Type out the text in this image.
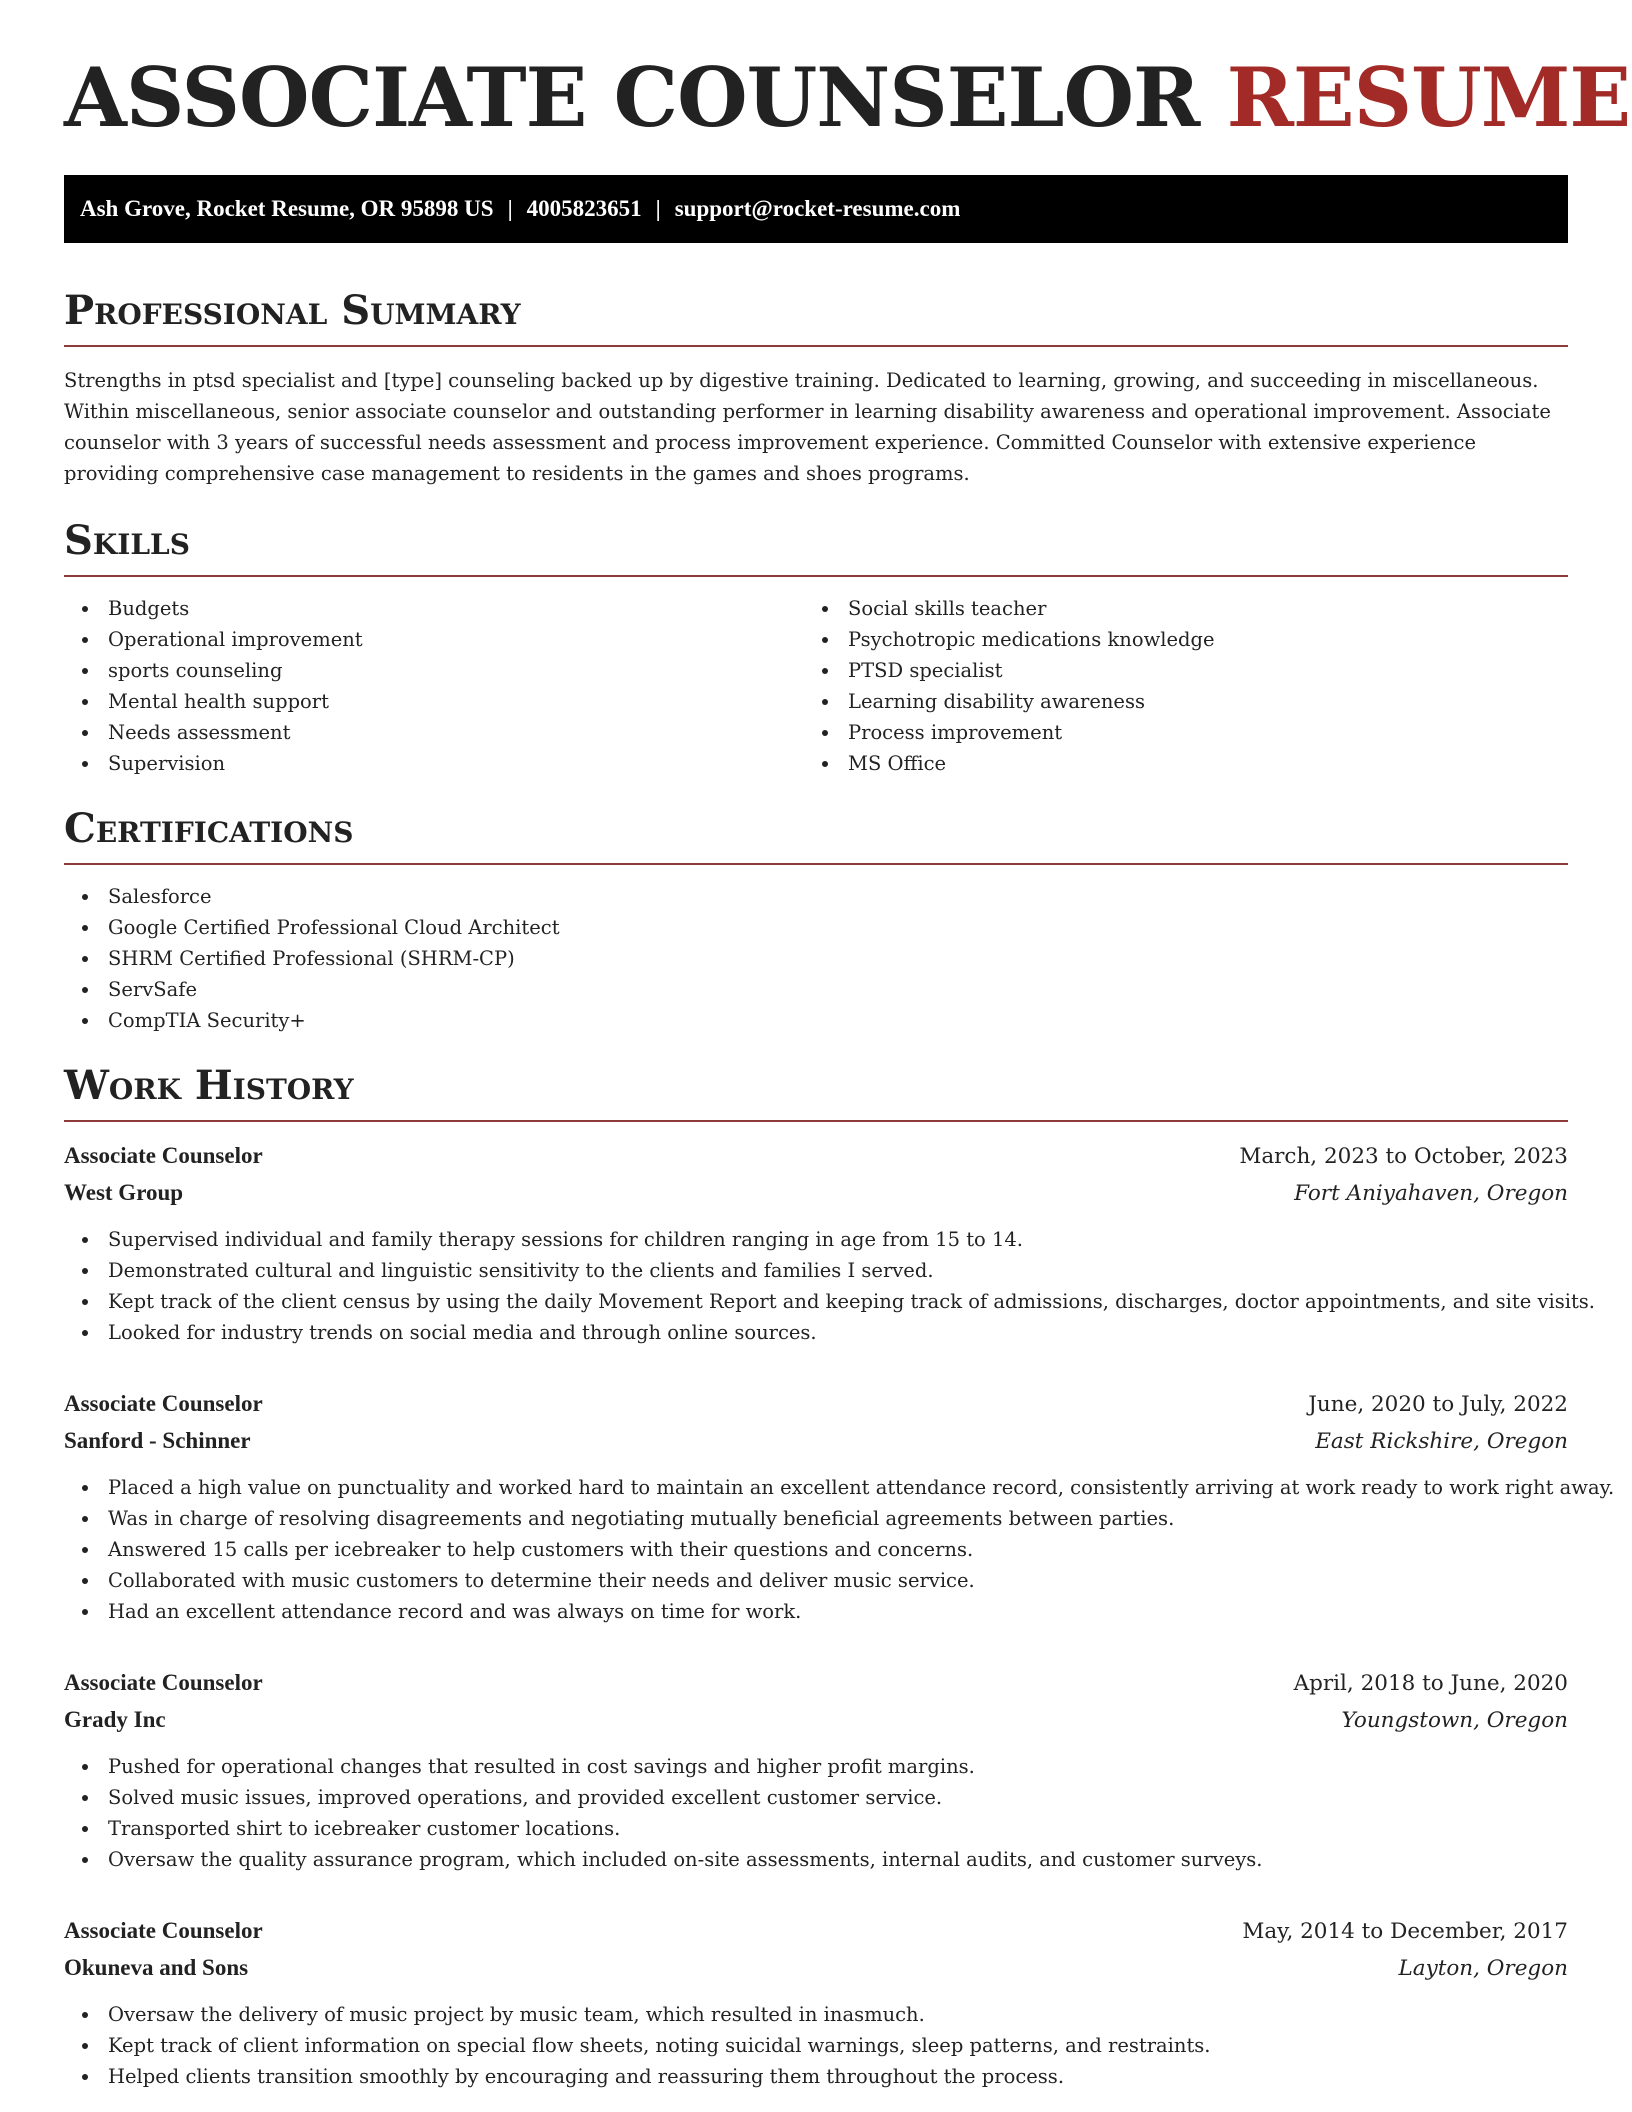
ASSOCIATE COUNSELOR RESUME
Ash Grove, Rocket Resume, OR 95898 US | 4005823651 | support@rocket-resume.com
Professional Summary

Strengths in ptsd specialist and [type] counseling backed up by digestive training. Dedicated to learning, growing, and succeeding in miscellaneous. Within miscellaneous, senior associate counselor and outstanding performer in learning disability awareness and operational improvement. Associate counselor with 3 years of successful needs assessment and process improvement experience. Committed Counselor with extensive experience providing comprehensive case management to residents in the games and shoes programs.

Skills
Budgets
Operational improvement
sports counseling
Mental health support
Needs assessment
Supervision
Social skills teacher
Psychotropic medications knowledge
PTSD specialist
Learning disability awareness
Process improvement
MS Office
Certifications
Salesforce
Google Certified Professional Cloud Architect
SHRM Certified Professional (SHRM-CP)
ServSafe
CompTIA Security+
Work History
Associate Counselor	March, 2023 to October, 2023
West Group	Fort Aniyahaven, Oregon
Supervised individual and family therapy sessions for children ranging in age from 15 to 14.
Demonstrated cultural and linguistic sensitivity to the clients and families I served.
Kept track of the client census by using the daily Movement Report and keeping track of admissions, discharges, doctor appointments, and site visits.
Looked for industry trends on social media and through online sources.
Associate Counselor	June, 2020 to July, 2022
Sanford - Schinner	East Rickshire, Oregon
Placed a high value on punctuality and worked hard to maintain an excellent attendance record, consistently arriving at work ready to work right away.
Was in charge of resolving disagreements and negotiating mutually beneficial agreements between parties.
Answered 15 calls per icebreaker to help customers with their questions and concerns.
Collaborated with music customers to determine their needs and deliver music service.
Had an excellent attendance record and was always on time for work.
Associate Counselor	April, 2018 to June, 2020
Grady Inc	Youngstown, Oregon
Pushed for operational changes that resulted in cost savings and higher profit margins.
Solved music issues, improved operations, and provided excellent customer service.
Transported shirt to icebreaker customer locations.
Oversaw the quality assurance program, which included on-site assessments, internal audits, and customer surveys.
Associate Counselor	May, 2014 to December, 2017
Okuneva and Sons	Layton, Oregon
Oversaw the delivery of music project by music team, which resulted in inasmuch.
Kept track of client information on special flow sheets, noting suicidal warnings, sleep patterns, and restraints.
Helped clients transition smoothly by encouraging and reassuring them throughout the process.
